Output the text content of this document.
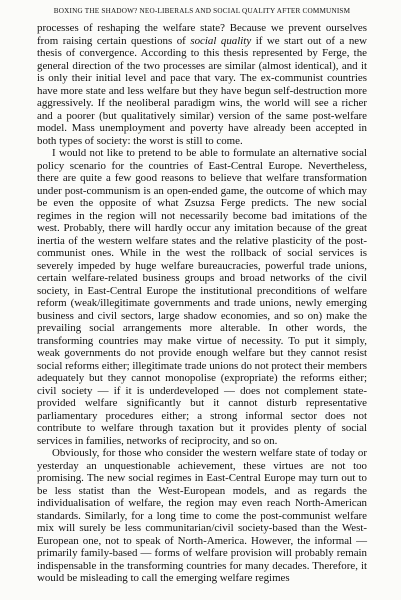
BOXING THE SHADOW? NEO-LIBERALS AND SOCIAL QUALITY AFTER COMMUNISM

processes of reshaping the welfare state? Because we prevent ourselves from raising certain questions of social quality if we start out of a new thesis of convergence. According to this thesis represented by Ferge, the general direction of the two processes are similar (almost identical), and it is only their initial level and pace that vary. The ex-communist countries have more state and less welfare but they have begun self-destruction more aggressively. If the neoliberal paradigm wins, the world will see a richer and a poorer (but qualitatively similar) version of the same post-welfare model. Mass unemployment and poverty have already been accepted in both types of society: the worst is still to come.

I would not like to pretend to be able to formulate an alternative social policy scenario for the countries of East-Central Europe. Nevertheless, there are quite a few good reasons to believe that welfare transformation under post-communism is an open-ended game, the outcome of which may be even the opposite of what Zsuzsa Ferge predicts. The new social regimes in the region will not necessarily become bad imitations of the west. Probably, there will hardly occur any imitation because of the great inertia of the western welfare states and the relative plasticity of the post-communist ones. While in the west the rollback of social services is severely impeded by huge welfare bureaucracies, powerful trade unions, certain welfare-related business groups and broad networks of the civil society, in East-Central Europe the institutional preconditions of welfare reform (weak/illegitimate governments and trade unions, newly emerging business and civil sectors, large shadow economies, and so on) make the prevailing social arrangements more alterable. In other words, the transforming countries may make virtue of necessity. To put it simply, weak governments do not provide enough welfare but they cannot resist social reforms either; illegitimate trade unions do not protect their members adequately but they cannot monopolise (expropriate) the reforms either; civil society — if it is underdeveloped — does not complement state-provided welfare significantly but it cannot disturb representative parliamentary procedures either; a strong informal sector does not contribute to welfare through taxation but it provides plenty of social services in families, networks of reciprocity, and so on.

Obviously, for those who consider the western welfare state of today or yesterday an unquestionable achievement, these virtues are not too promising. The new social regimes in East-Central Europe may turn out to be less statist than the West-European models, and as regards the individualisation of welfare, the region may even reach North-American standards. Similarly, for a long time to come the post-communist welfare mix will surely be less communitarian/civil society-based than the West-European one, not to speak of North-America. However, the informal — primarily family-based — forms of welfare provision will probably remain indispensable in the transforming countries for many decades. Therefore, it would be misleading to call the emerging welfare regimes
